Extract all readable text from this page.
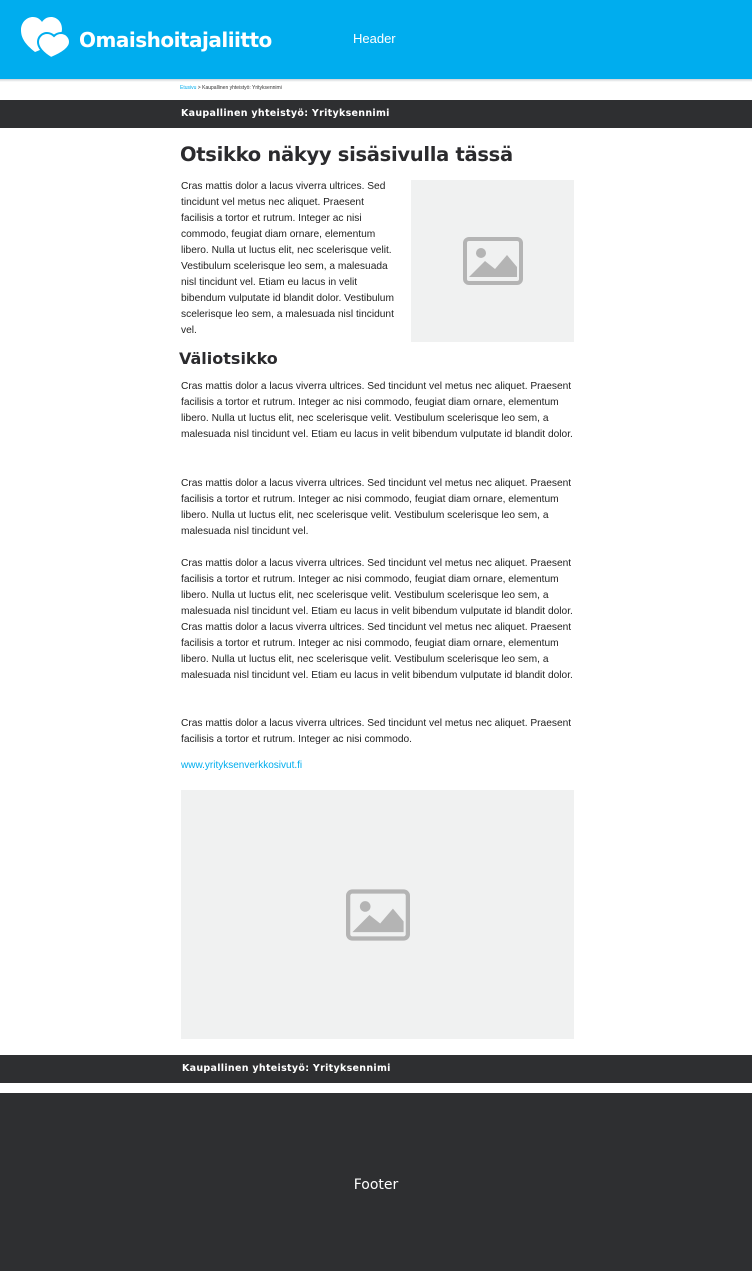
Omaishoitajaliitto	Header
Etusivu > Kaupallinen yhteistyö: Yrityksennimi
Kaupallinen yhteistyö: Yrityksennimi
Otsikko näkyy sisäsivulla tässä

Cras mattis dolor a lacus viverra ultrices. Sed tincidunt vel metus nec aliquet. Praesent facilisis a tortor et rutrum. Integer ac nisi commodo, feugiat diam ornare, elementum libero. Nulla ut luctus elit, nec scelerisque velit. Vestibulum scelerisque leo sem, a malesuada nisl tincidunt vel. Etiam eu lacus in velit bibendum vulputate id blandit dolor. Vestibulum scelerisque leo sem, a malesuada nisl tincidunt vel.

Väliotsikko

Cras mattis dolor a lacus viverra ultrices. Sed tincidunt vel metus nec aliquet. Praesent facilisis a tortor et rutrum. Integer ac nisi commodo, feugiat diam ornare, elementum libero. Nulla ut luctus elit, nec scelerisque velit. Vestibulum scelerisque leo sem, a malesuada nisl tincidunt vel. Etiam eu lacus in velit bibendum vulputate id blandit dolor.

Cras mattis dolor a lacus viverra ultrices. Sed tincidunt vel metus nec aliquet. Praesent facilisis a tortor et rutrum. Integer ac nisi commodo, feugiat diam ornare, elementum libero. Nulla ut luctus elit, nec scelerisque velit. Vestibulum scelerisque leo sem, a malesuada nisl tincidunt vel.

Cras mattis dolor a lacus viverra ultrices. Sed tincidunt vel metus nec aliquet. Praesent facilisis a tortor et rutrum. Integer ac nisi commodo, feugiat diam ornare, elementum libero. Nulla ut luctus elit, nec scelerisque velit. Vestibulum scelerisque leo sem, a malesuada nisl tincidunt vel. Etiam eu lacus in velit bibendum vulputate id blandit dolor. Cras mattis dolor a lacus viverra ultrices. Sed tincidunt vel metus nec aliquet. Praesent facilisis a tortor et rutrum. Integer ac nisi commodo, feugiat diam ornare, elementum libero. Nulla ut luctus elit, nec scelerisque velit. Vestibulum scelerisque leo sem, a malesuada nisl tincidunt vel. Etiam eu lacus in velit bibendum vulputate id blandit dolor.

Cras mattis dolor a lacus viverra ultrices. Sed tincidunt vel metus nec aliquet. Praesent facilisis a tortor et rutrum. Integer ac nisi commodo.

www.yrityksenverkkosivut.fi
Kaupallinen yhteistyö: Yrityksennimi
Footer
